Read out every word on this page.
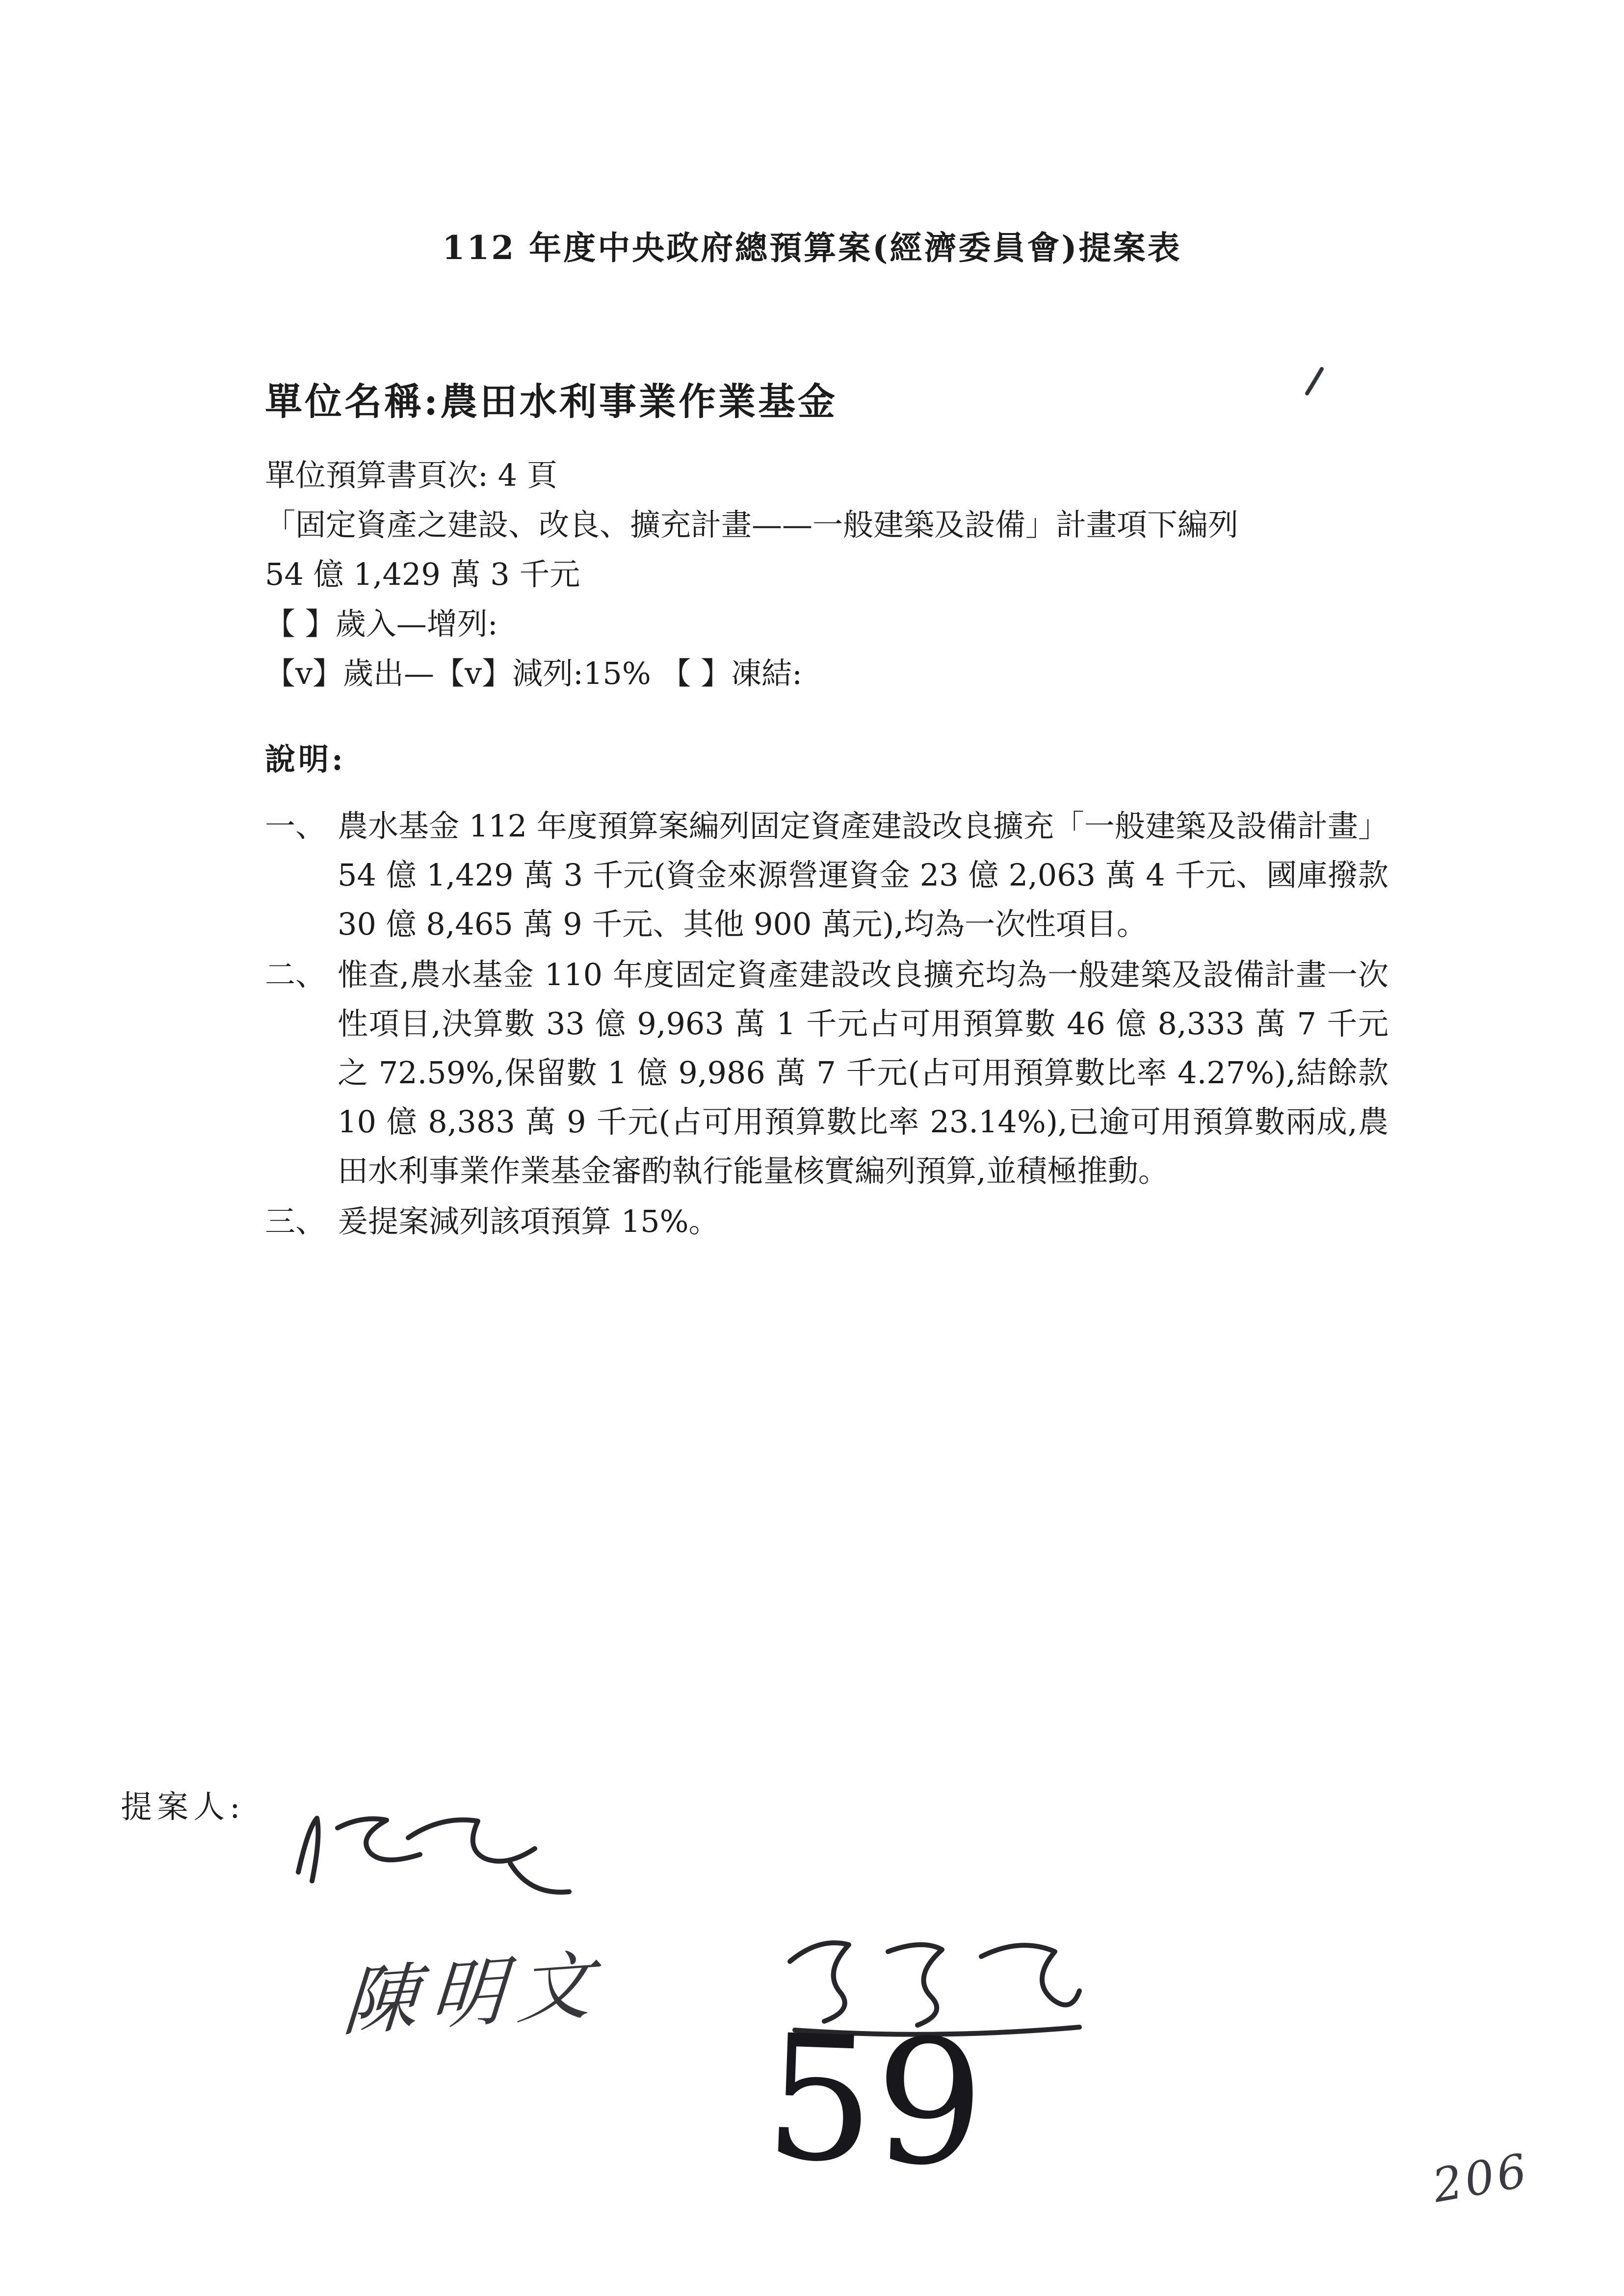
112 年度中央政府總預算案(經濟委員會)提案表
單位名稱:農田水利事業作業基金
單位預算書頁次: 4 頁
「固定資產之建設、改良、擴充計畫——一般建築及設備」計畫項下編列
54 億 1,429 萬 3 千元
【 】歲入—增列:
【v】歲出—【v】減列:15% 【 】凍結:
說明:
一、 農水基金 112 年度預算案編列固定資產建設改良擴充「一般建築及設備計畫」54 億 1,429 萬 3 千元(資金來源營運資金 23 億 2,063 萬 4 千元、國庫撥款 30 億 8,465 萬 9 千元、其他 900 萬元),均為一次性項目。
二、 惟查,農水基金 110 年度固定資產建設改良擴充均為一般建築及設備計畫一次性項目,決算數 33 億 9,963 萬 1 千元占可用預算數 46 億 8,333 萬 7 千元之 72.59%,保留數 1 億 9,986 萬 7 千元(占可用預算數比率 4.27%),結餘款 10 億 8,383 萬 9 千元(占可用預算數比率 23.14%),已逾可用預算數兩成,農田水利事業作業基金審酌執行能量核實編列預算,並積極推動。
三、 爰提案減列該項預算 15%。
提案人:
陳明文
59	206
